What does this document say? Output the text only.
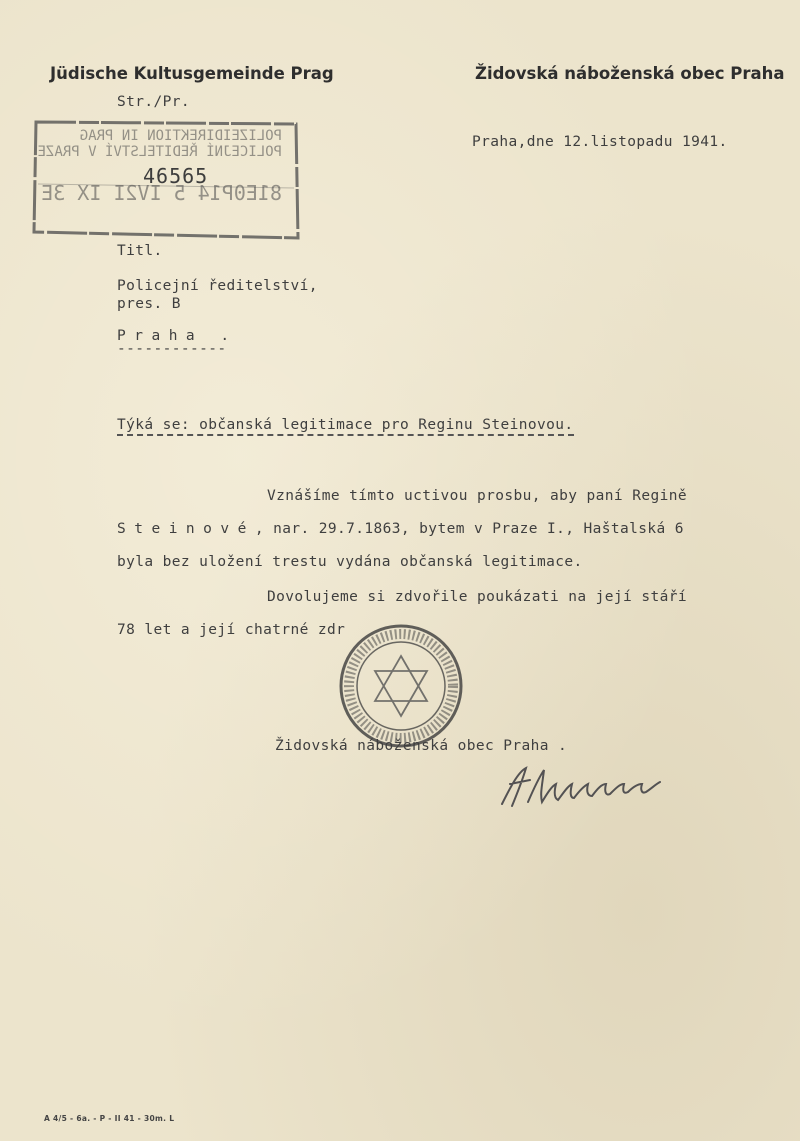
Jüdische Kultusgemeinde Prag	Židovská náboženská obec Praha
Str./Pr.
POLIZEIDIREKTION IN PRAG
POLICEJNÍ ŘEDITELSTVÍ V PRAZE
81E0P14 5 IV2I IX 3E
46565
Praha,dne 12.listopadu 1941.
Titl.
Policejní ředitelství,
pres. B
Praha .
------------
Týká se: občanská legitimace pro Reginu Steinovou.
Vznášíme tímto uctivou prosbu, aby paní Regině
Steinové, nar. 29.7.1863, bytem v Praze I., Haštalská 6
byla bez uložení trestu vydána občanská legitimace.
Dovolujeme si zdvořile poukázati na její stáří
78 let a její chatrné zdr
Židovská náboženská obec Praha .
A 4/5 - 6a. - P - II 41 - 30m. L
